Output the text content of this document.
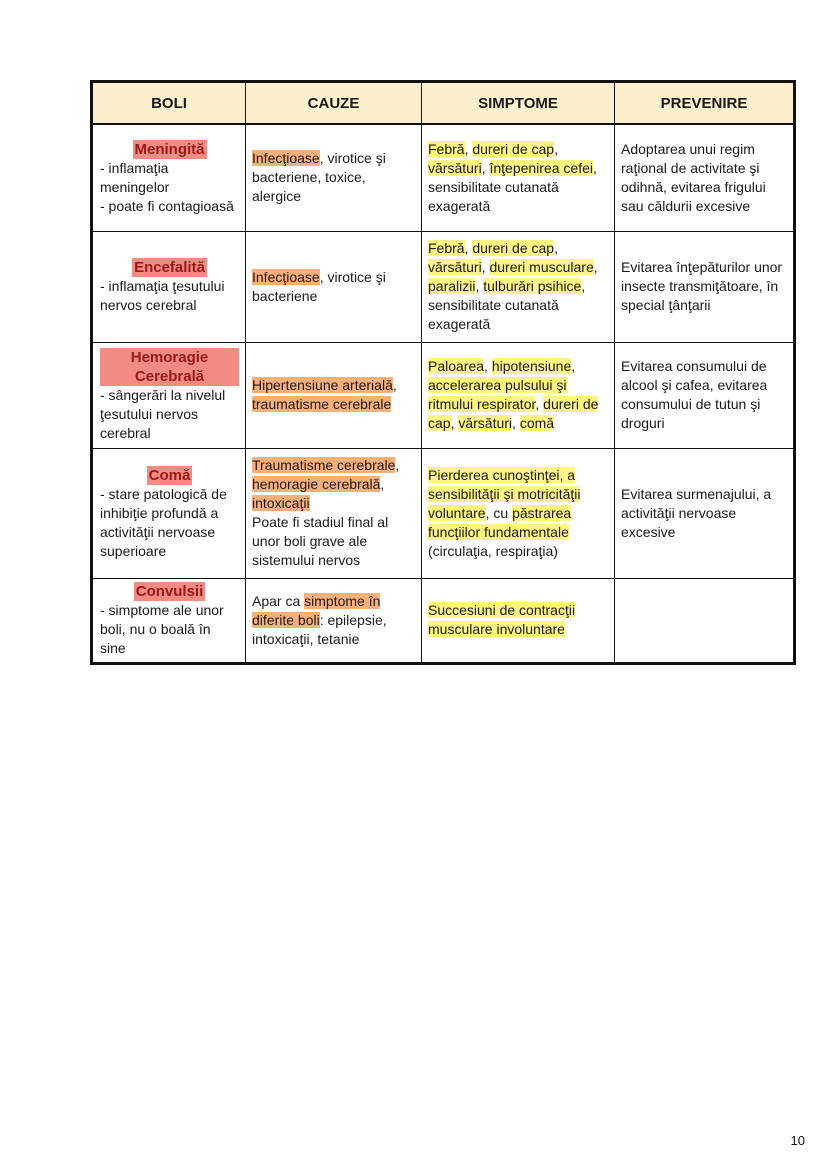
BOLI	CAUZE	SIMPTOME	PREVENIRE

Meningită
- inflamaţia meningelor
- poate fi contagioasă	Infecţioase, virotice şi bacteriene, toxice, alergice	Febră, dureri de cap, vărsături, înţepenirea cefei, sensibilitate cutanată exagerată	Adoptarea unui regim raţional de activitate şi odihnă, evitarea frigului sau căldurii excesive

Encefalită
- inflamaţia ţesutului nervos cerebral	Infecţioase, virotice şi bacteriene	Febră, dureri de cap, vărsături, dureri musculare, paralizii, tulburări psihice, sensibilitate cutanată exagerată	Evitarea înţepăturilor unor insecte transmiţătoare, în special ţânţarii

Hemoragie Cerebrală
- sângerări la nivelul ţesutului nervos cerebral	Hipertensiune arterială, traumatisme cerebrale	Paloarea, hipotensiune, accelerarea pulsului şi ritmului respirator, dureri de cap, vărsături, comă	Evitarea consumului de alcool şi cafea, evitarea consumului de tutun şi droguri

Comă
- stare patologică de inhibiţie profundă a activităţii nervoase superioare	Traumatisme cerebrale, hemoragie cerebrală, intoxicaţii
Poate fi stadiul final al unor boli grave ale sistemului nervos	Pierderea cunoştinţei, a sensibilităţii şi motricităţii voluntare, cu păstrarea funcţiilor fundamentale (circulaţia, respiraţia)	Evitarea surmenajului, a activităţii nervoase excesive

Convulsii
- simptome ale unor boli, nu o boală în sine	Apar ca simptome în diferite boli: epilepsie, intoxicaţii, tetanie	Succesiuni de contracţii musculare involuntare	
10
